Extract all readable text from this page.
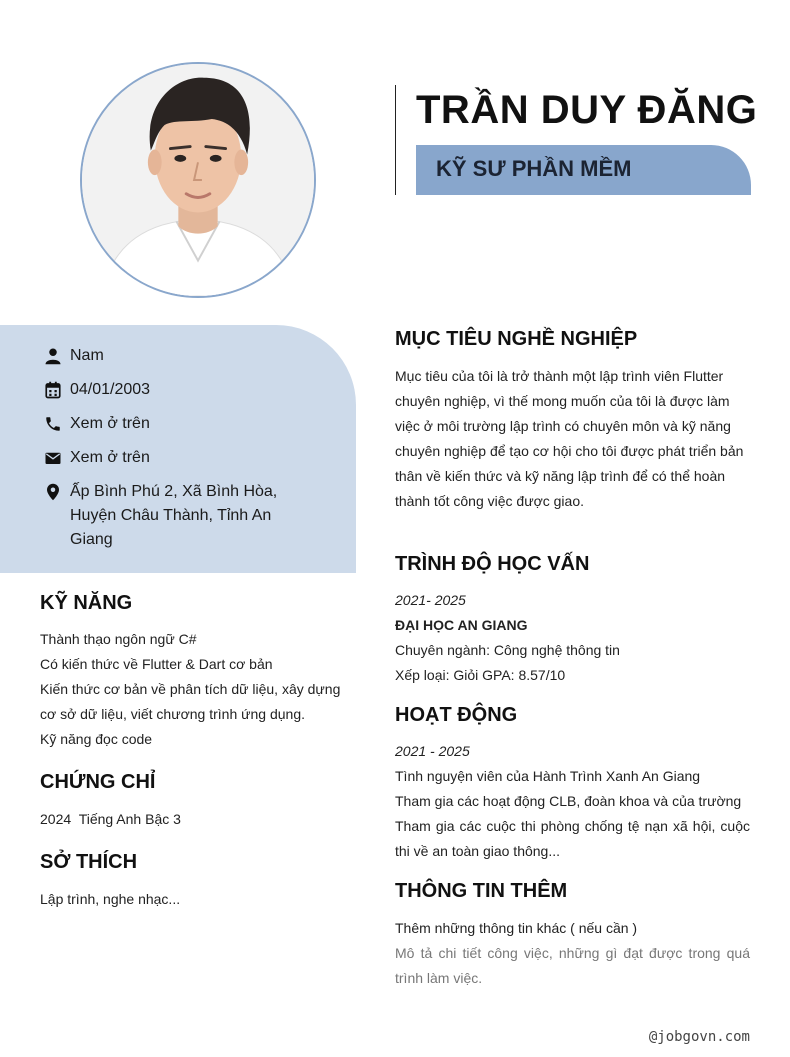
TRẦN DUY ĐĂNG
KỸ SƯ PHẦN MỀM
Nam
04/01/2003
Xem ở trên
Xem ở trên
Ấp Bình Phú 2, Xã Bình Hòa, Huyện Châu Thành, Tỉnh An Giang
KỸ NĂNG
Thành thạo ngôn ngữ C#
Có kiến thức về Flutter & Dart cơ bản
Kiến thức cơ bản về phân tích dữ liệu, xây dựng cơ sở dữ liệu, viết chương trình ứng dụng.
Kỹ năng đọc code
CHỨNG CHỈ
2024 Tiếng Anh Bậc 3
SỞ THÍCH
Lập trình, nghe nhạc...
MỤC TIÊU NGHỀ NGHIỆP
Mục tiêu của tôi là trở thành một lập trình viên Flutter chuyên nghiệp, vì thế mong muốn của tôi là được làm việc ở môi trường lập trình có chuyên môn và kỹ năng chuyên nghiệp để tạo cơ hội cho tôi được phát triển bản thân về kiến thức và kỹ năng lập trình để có thể hoàn thành tốt công việc được giao.
TRÌNH ĐỘ HỌC VẤN
2021- 2025
ĐẠI HỌC AN GIANG
Chuyên ngành: Công nghệ thông tin
Xếp loại: Giỏi GPA: 8.57/10
HOẠT ĐỘNG
2021 - 2025
Tình nguyện viên của Hành Trình Xanh An Giang
Tham gia các hoạt động CLB, đoàn khoa và của trường
Tham gia các cuộc thi phòng chống tệ nạn xã hội, cuộc thi về an toàn giao thông...
THÔNG TIN THÊM
Thêm những thông tin khác ( nếu cần )
Mô tả chi tiết công việc, những gì đạt được trong quá trình làm việc.
@jobgovn.com
